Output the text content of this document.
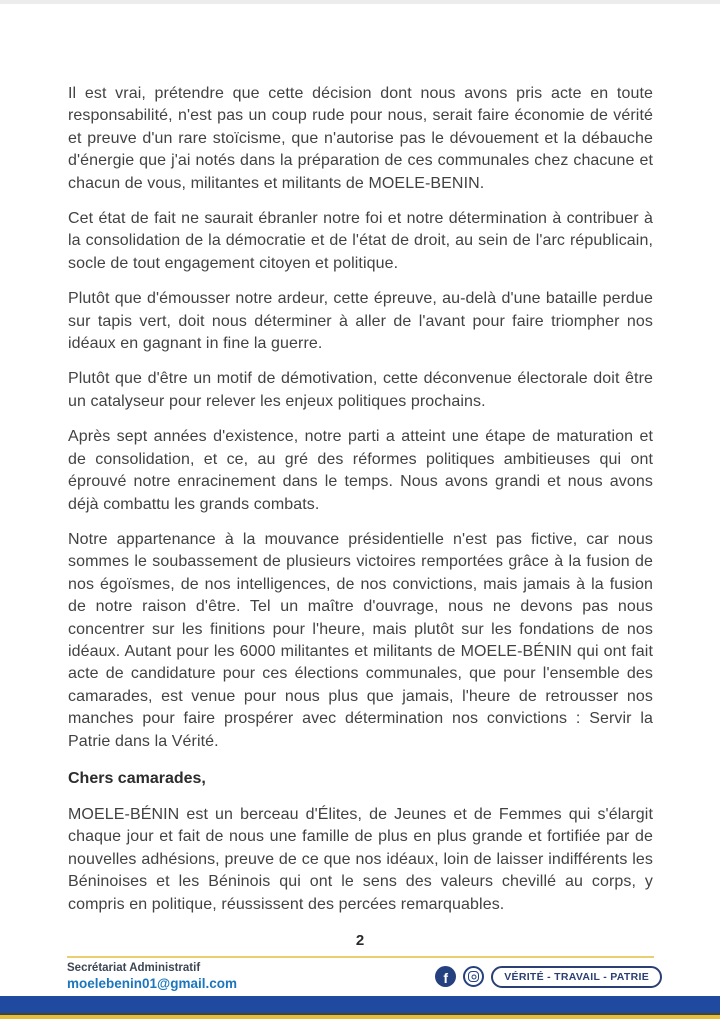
Il est vrai, prétendre que cette décision dont nous avons pris acte en toute responsabilité, n'est pas un coup rude pour nous, serait faire économie de vérité et preuve d'un rare stoïcisme, que n'autorise pas le dévouement et la débauche d'énergie que j'ai notés dans la préparation de ces communales chez chacune et chacun de vous, militantes et militants de MOELE-BENIN.

Cet état de fait ne saurait ébranler notre foi et notre détermination à contribuer à la consolidation de la démocratie et de l'état de droit, au sein de l'arc républicain, socle de tout engagement citoyen et politique.

Plutôt que d'émousser notre ardeur, cette épreuve, au-delà d'une bataille perdue sur tapis vert, doit nous déterminer à aller de l'avant pour faire triompher nos idéaux en gagnant in fine la guerre.

Plutôt que d'être un motif de démotivation, cette déconvenue électorale doit être un catalyseur pour relever les enjeux politiques prochains.

Après sept années d'existence, notre parti a atteint une étape de maturation et de consolidation, et ce, au gré des réformes politiques ambitieuses qui ont éprouvé notre enracinement dans le temps. Nous avons grandi et nous avons déjà combattu les grands combats.

Notre appartenance à la mouvance présidentielle n'est pas fictive, car nous sommes le soubassement de plusieurs victoires remportées grâce à la fusion de nos égoïsmes, de nos intelligences, de nos convictions, mais jamais à la fusion de notre raison d'être. Tel un maître d'ouvrage, nous ne devons pas nous concentrer sur les finitions pour l'heure, mais plutôt sur les fondations de nos idéaux. Autant pour les 6000 militantes et militants de MOELE-BÉNIN qui ont fait acte de candidature pour ces élections communales, que pour l'ensemble des camarades, est venue pour nous plus que jamais, l'heure de retrousser nos manches pour faire prospérer avec détermination nos convictions : Servir la Patrie dans la Vérité.

Chers camarades,

MOELE-BÉNIN est un berceau d'Élites, de Jeunes et de Femmes qui s'élargit chaque jour et fait de nous une famille de plus en plus grande et fortifiée par de nouvelles adhésions, preuve de ce que nos idéaux, loin de laisser indifférents les Béninoises et les Béninois qui ont le sens des valeurs chevillé au corps, y compris en politique, réussissent des percées remarquables.

2
Secrétariat Administratif
moelebenin01@gmail.com f	VÉRITÉ - TRAVAIL - PATRIE
